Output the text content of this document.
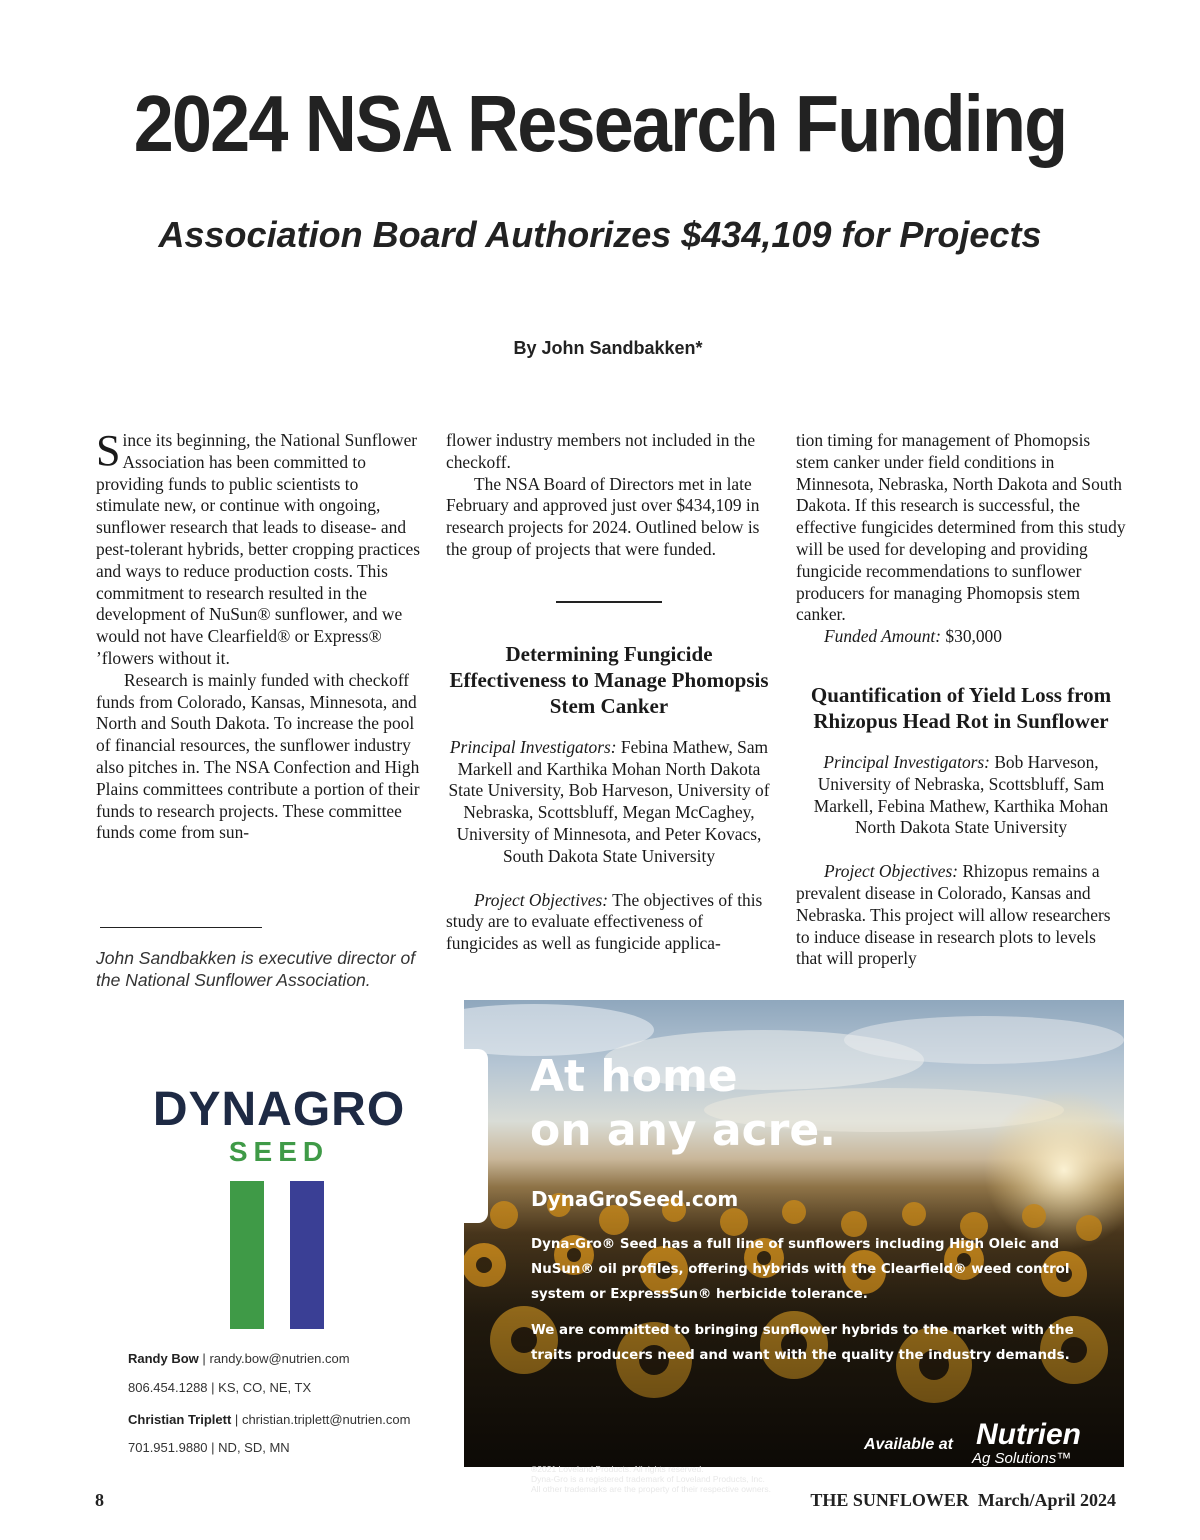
2024 NSA Research Funding
Association Board Authorizes $434,109 for Projects
By John Sandbakken*

Since its beginning, the National Sunflower Association has been committed to providing funds to public scientists to stimulate new, or continue with ongoing, sunflower research that leads to disease- and pest-tolerant hybrids, better cropping practices and ways to reduce production costs. This commitment to research resulted in the development of NuSun® sunflower, and we would not have Clearfield® or Express® ’flowers without it.

Research is mainly funded with checkoff funds from Colorado, Kansas, Minnesota, and North and South Dakota. To increase the pool of financial resources, the sunflower industry also pitches in. The NSA Confection and High Plains committees contribute a portion of their funds to research projects. These committee funds come from sun-

flower industry members not included in the checkoff.

The NSA Board of Directors met in late February and approved just over $434,109 in research projects for 2024. Outlined below is the group of projects that were funded.

Determining Fungicide Effectiveness to Manage Phomopsis Stem Canker

Principal Investigators: Febina Mathew, Sam Markell and Karthika Mohan North Dakota State University, Bob Harveson, University of Nebraska, Scottsbluff, Megan McCaghey, University of Minnesota, and Peter Kovacs, South Dakota State University

Project Objectives: The objectives of this study are to evaluate effectiveness of fungicides as well as fungicide applica-

tion timing for management of Phomopsis stem canker under field conditions in Minnesota, Nebraska, North Dakota and South Dakota. If this research is successful, the effective fungicides determined from this study will be used for developing and providing fungicide recommendations to sunflower producers for managing Phomopsis stem canker.

Funded Amount: $30,000

Quantification of Yield Loss from Rhizopus Head Rot in Sunflower

Principal Investigators: Bob Harveson, University of Nebraska, Scottsbluff, Sam Markell, Febina Mathew, Karthika Mohan North Dakota State University

Project Objectives: Rhizopus remains a prevalent disease in Colorado, Kansas and Nebraska. This project will allow researchers to induce disease in research plots to levels that will properly

John Sandbakken is executive director of the National Sunflower Association.
DYNAGRO
SEED
Randy Bow | randy.bow@nutrien.com
806.454.1288 | KS, CO, NE, TX
Christian Triplett | christian.triplett@nutrien.com
701.951.9880 | ND, SD, MN
At home
on any acre.
DynaGroSeed.com
Dyna-Gro® Seed has a full line of sunflowers including High Oleic and NuSun® oil profiles, offering hybrids with the Clearfield® weed control system or ExpressSun® herbicide tolerance.
We are committed to bringing sunflower hybrids to the market with the traits producers need and want with the quality the industry demands.
®2021 Loveland Products. All rights reserved.
Dyna-Gro is a registered trademark of Loveland Products, Inc.
All other trademarks are the property of their respective owners.
Available at Nutrien
Ag Solutions™
8	THE SUNFLOWER  March/April 2024
